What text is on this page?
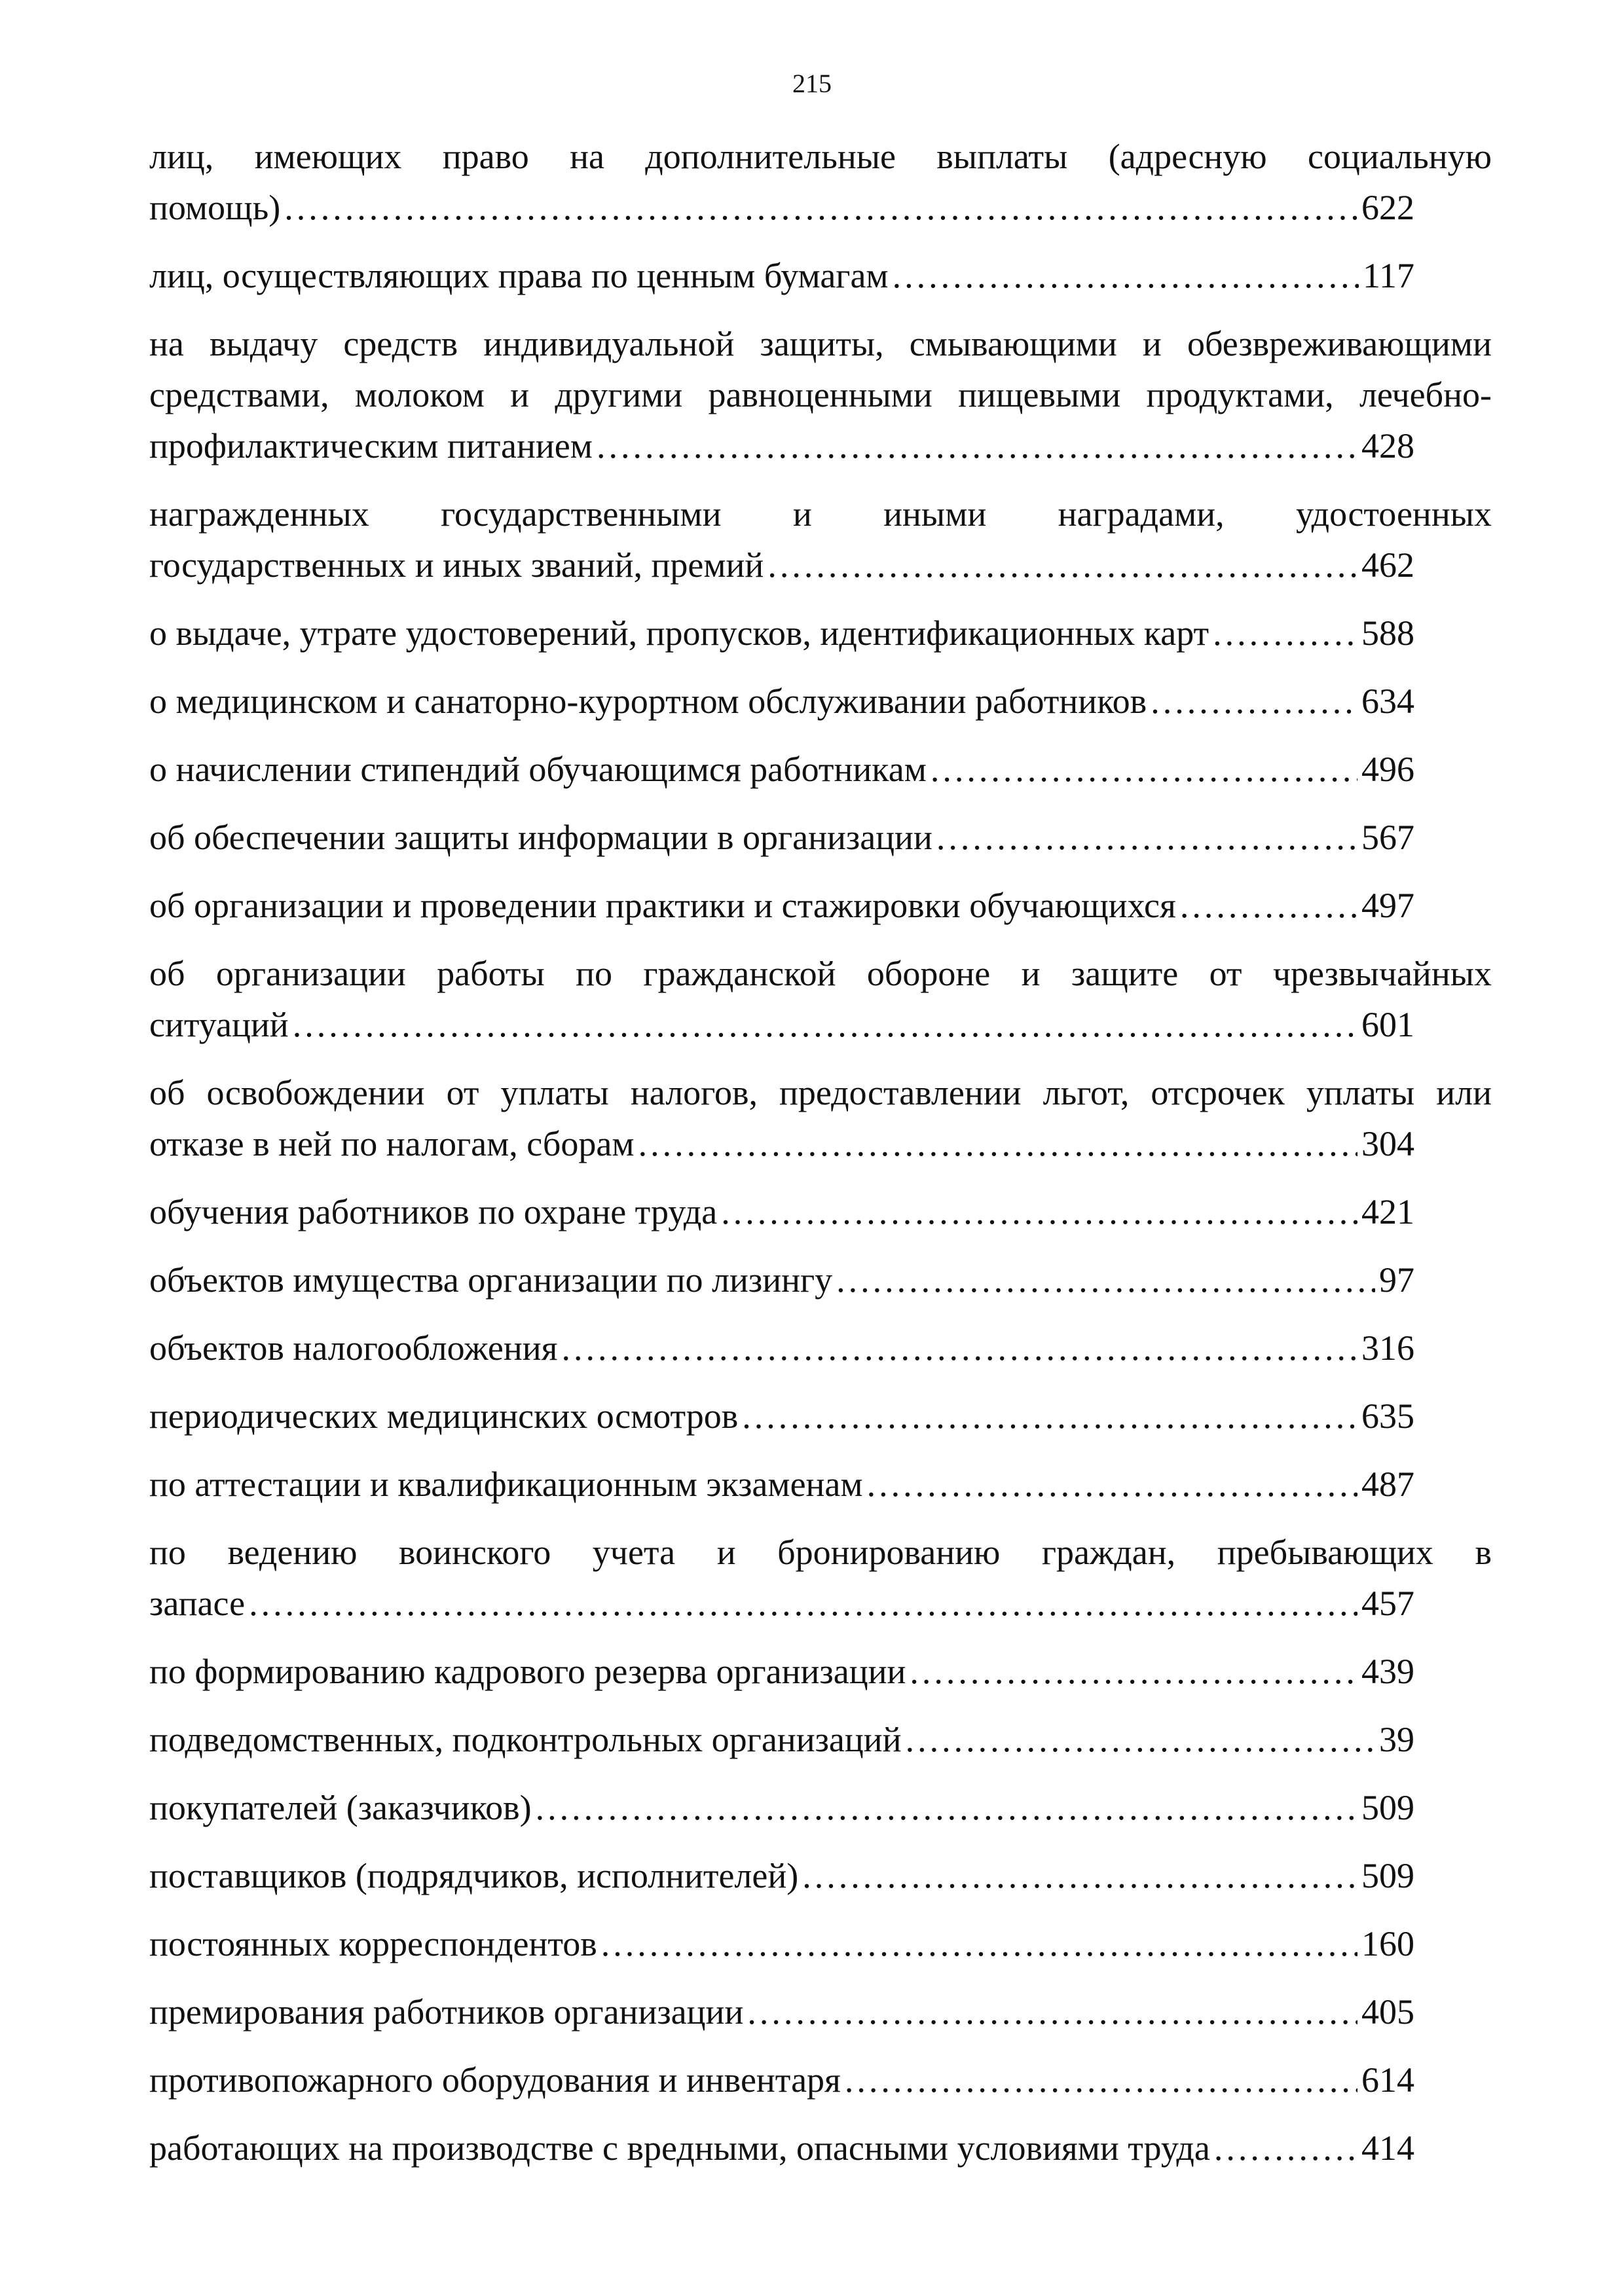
215
лиц, имеющих право на дополнительные выплаты (адресную социальную
помощь) .....	622
лиц, осуществляющих права по ценным бумагам .....	117
на выдачу средств индивидуальной защиты, смывающими и обезвреживающими
средствами, молоком и другими равноценными пищевыми продуктами, лечебно-
профилактическим питанием .....	428
награжденных государственными и иными наградами, удостоенных
государственных и иных званий, премий .....	462
о выдаче, утрате удостоверений, пропусков, идентификационных карт .....	588
о медицинском и санаторно-курортном обслуживании работников .....	634
о начислении стипендий обучающимся работникам .....	496
об обеспечении защиты информации в организации .....	567
об организации и проведении практики и стажировки обучающихся .....	497
об организации работы по гражданской обороне и защите от чрезвычайных
ситуаций .....	601
об освобождении от уплаты налогов, предоставлении льгот, отсрочек уплаты или
отказе в ней по налогам, сборам .....	304
обучения работников по охране труда .....	421
объектов имущества организации по лизингу .....	97
объектов налогообложения .....	316
периодических медицинских осмотров .....	635
по аттестации и квалификационным экзаменам .....	487
по ведению воинского учета и бронированию граждан, пребывающих в
запасе .....	457
по формированию кадрового резерва организации .....	439
подведомственных, подконтрольных организаций .....	39
покупателей (заказчиков) .....	509
поставщиков (подрядчиков, исполнителей) .....	509
постоянных корреспондентов .....	160
премирования работников организации .....	405
противопожарного оборудования и инвентаря .....	614
работающих на производстве с вредными, опасными условиями труда .....	414
